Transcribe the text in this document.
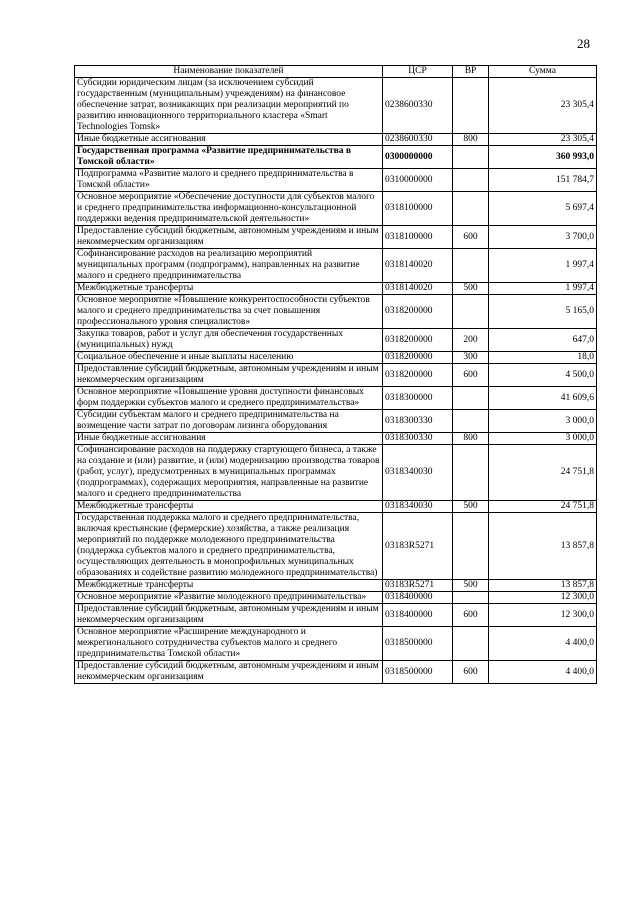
28
Наименование показателей	ЦСР	ВР	Сумма
Субсидии юридическим лицам (за исключением субсидий государственным (муниципальным) учреждениям) на финансовое обеспечение затрат, возникающих при реализации мероприятий по развитию инновационного территориального кластера «Smart Technologies Tomsk»	0238600330		23 305,4
Иные бюджетные ассигнования	0238600330	800	23 305,4
Государственная программа «Развитие предпринимательства в Томской области»	0300000000		360 993,0
Подпрограмма «Развитие малого и среднего предпринимательства в Томской области»	0310000000		151 784,7
Основное мероприятие «Обеспечение доступности для субъектов малого и среднего предпринимательства информационно-консультационной поддержки ведения предпринимательской деятельности»	0318100000		5 697,4
Предоставление субсидий бюджетным, автономным учреждениям и иным некоммерческим организациям	0318100000	600	3 700,0
Софинансирование расходов на реализацию мероприятий муниципальных программ (подпрограмм), направленных на развитие малого и среднего предпринимательства	0318140020		1 997,4
Межбюджетные трансферты	0318140020	500	1 997,4
Основное мероприятие «Повышение конкурентоспособности субъектов малого и среднего предпринимательства за счет повышения профессионального уровня специалистов»	0318200000		5 165,0
Закупка товаров, работ и услуг для обеспечения государственных (муниципальных) нужд	0318200000	200	647,0
Социальное обеспечение и иные выплаты населению	0318200000	300	18,0
Предоставление субсидий бюджетным, автономным учреждениям и иным некоммерческим организациям	0318200000	600	4 500,0
Основное мероприятие «Повышение уровня доступности финансовых форм поддержки субъектов малого и среднего предпринимательства»	0318300000		41 609,6
Субсидии субъектам малого и среднего предпринимательства на возмещение части затрат по договорам лизинга оборудования	0318300330		3 000,0
Иные бюджетные ассигнования	0318300330	800	3 000,0
Софинансирование расходов на поддержку стартующего бизнеса, а также на создание и (или) развитие, и (или) модернизацию производства товаров (работ, услуг), предусмотренных в муниципальных программах (подпрограммах), содержащих мероприятия, направленные на развитие малого и среднего предпринимательства	0318340030		24 751,8
Межбюджетные трансферты	0318340030	500	24 751,8
Государственная поддержка малого и среднего предпринимательства, включая крестьянские (фермерские) хозяйства, а также реализация мероприятий по поддержке молодежного предпринимательства (поддержка субъектов малого и среднего предпринимательства, осуществляющих деятельность в монопрофильных муниципальных образованиях и содействие развитию молодежного предпринимательства)	03183R5271		13 857,8
Межбюджетные трансферты	03183R5271	500	13 857,8
Основное мероприятие «Развитие молодежного предпринимательства»	0318400000		12 300,0
Предоставление субсидий бюджетным, автономным учреждениям и иным некоммерческим организациям	0318400000	600	12 300,0
Основное мероприятие «Расширение международного и межрегионального сотрудничества субъектов малого и среднего предпринимательства Томской области»	0318500000		4 400,0
Предоставление субсидий бюджетным, автономным учреждениям и иным некоммерческим организациям	0318500000	600	4 400,0
